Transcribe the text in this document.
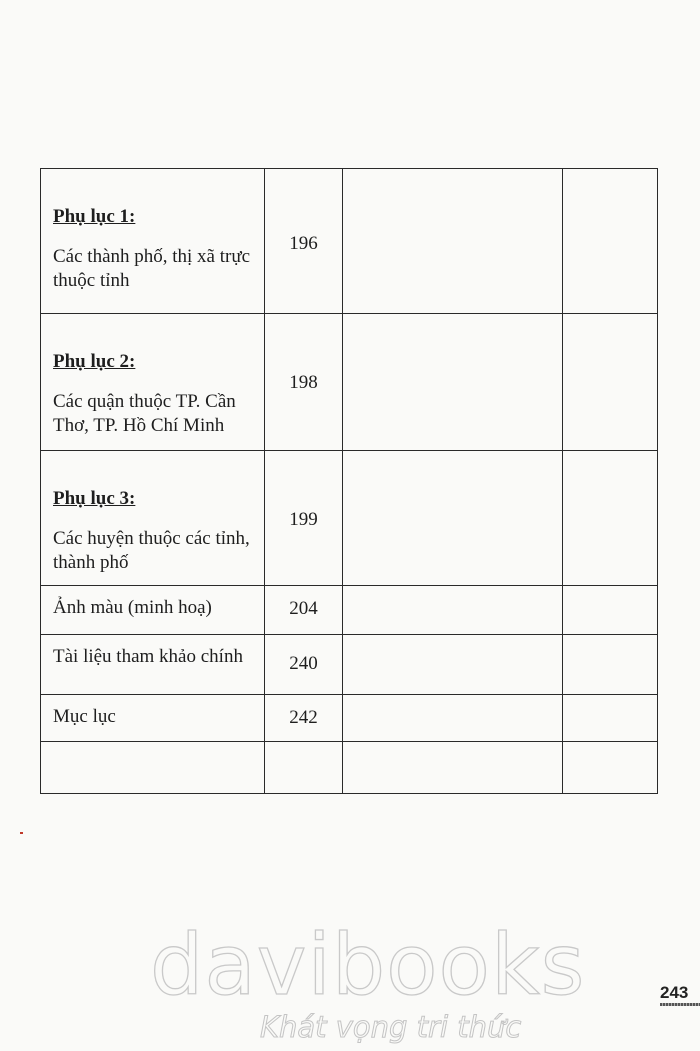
Phụ lục 1:
Các thành phố, thị xã trực thuộc tỉnh	196		

Phụ lục 2:
Các quận thuộc TP. Cần Thơ, TP. Hồ Chí Minh	198		

Phụ lục 3:
Các huyện thuộc các tỉnh, thành phố	199		

Ảnh màu (minh hoạ)	204		

Tài liệu tham khảo chính	240		

Mục lục	242		

davibooks
Khát vọng tri thức
243
